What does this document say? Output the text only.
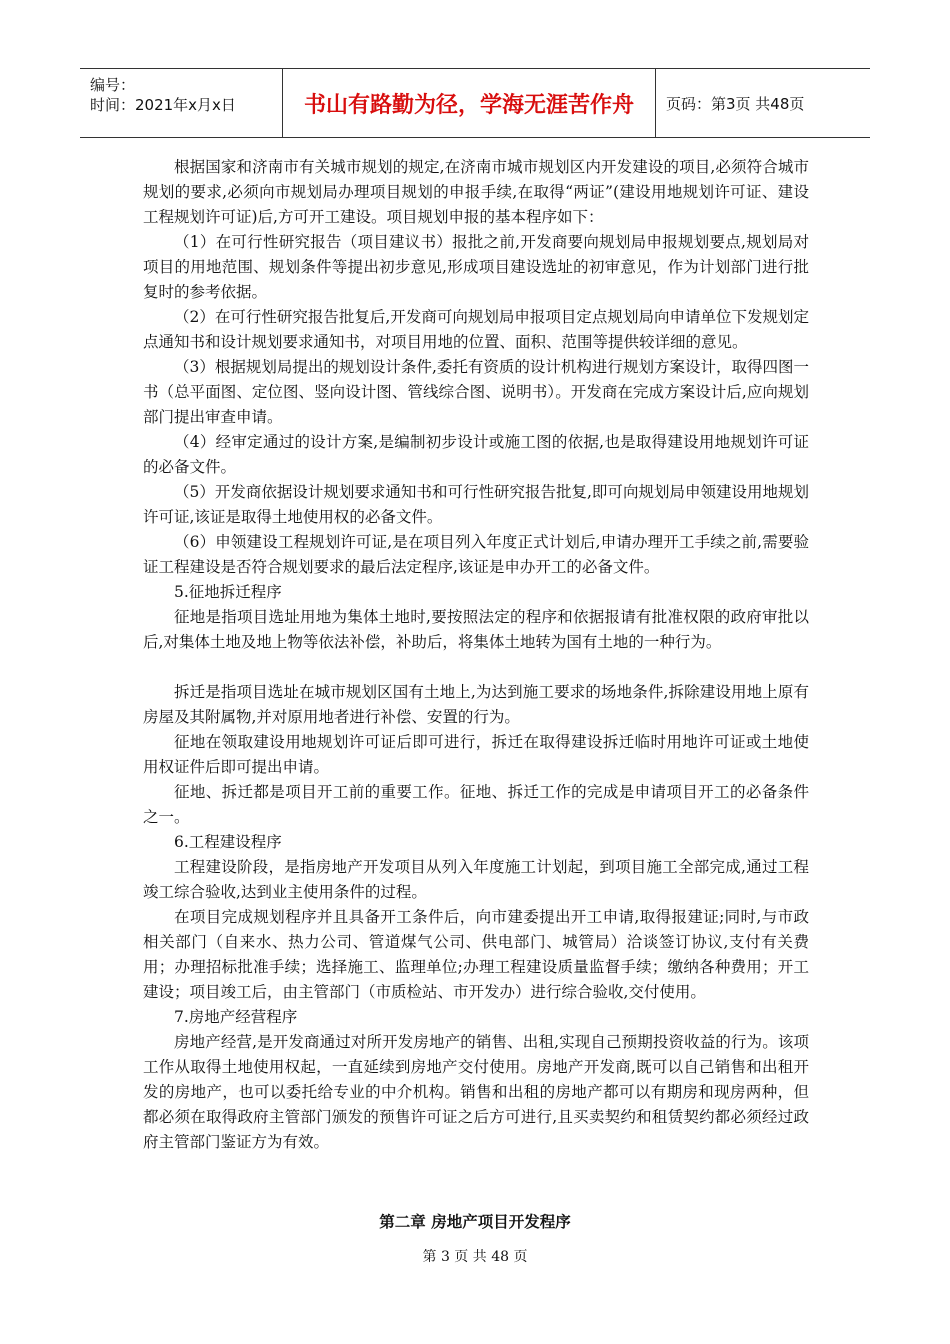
编号：
时间：2021年x月x日	书山有路勤为径，学海无涯苦作舟	页码：第3页 共48页

根据国家和济南市有关城市规划的规定,在济南市城市规划区内开发建设的项目,必须符合城市规划的要求,必须向市规划局办理项目规划的申报手续,在取得“两证”(建设用地规划许可证、建设工程规划许可证)后,方可开工建设。项目规划申报的基本程序如下：

（1）在可行性研究报告（项目建议书）报批之前,开发商要向规划局申报规划要点,规划局对项目的用地范围、规划条件等提出初步意见,形成项目建设选址的初审意见，作为计划部门进行批复时的参考依据。

（2）在可行性研究报告批复后,开发商可向规划局申报项目定点规划局向申请单位下发规划定点通知书和设计规划要求通知书，对项目用地的位置、面积、范围等提供较详细的意见。

（3）根据规划局提出的规划设计条件,委托有资质的设计机构进行规划方案设计，取得四图一书（总平面图、定位图、竖向设计图、管线综合图、说明书）。开发商在完成方案设计后,应向规划部门提出审查申请。

（4）经审定通过的设计方案,是编制初步设计或施工图的依据,也是取得建设用地规划许可证的必备文件。

（5）开发商依据设计规划要求通知书和可行性研究报告批复,即可向规划局申领建设用地规划许可证,该证是取得土地使用权的必备文件。

（6）申领建设工程规划许可证,是在项目列入年度正式计划后,申请办理开工手续之前,需要验证工程建设是否符合规划要求的最后法定程序,该证是申办开工的必备文件。

5.征地拆迁程序

征地是指项目选址用地为集体土地时,要按照法定的程序和依据报请有批准权限的政府审批以后,对集体土地及地上物等依法补偿，补助后，将集体土地转为国有土地的一种行为。

拆迁是指项目选址在城市规划区国有土地上,为达到施工要求的场地条件,拆除建设用地上原有房屋及其附属物,并对原用地者进行补偿、安置的行为。

征地在领取建设用地规划许可证后即可进行，拆迁在取得建设拆迁临时用地许可证或土地使用权证件后即可提出申请。

征地、拆迁都是项目开工前的重要工作。征地、拆迁工作的完成是申请项目开工的必备条件之一。

6.工程建设程序

工程建设阶段，是指房地产开发项目从列入年度施工计划起，到项目施工全部完成,通过工程竣工综合验收,达到业主使用条件的过程。

在项目完成规划程序并且具备开工条件后，向市建委提出开工申请,取得报建证;同时,与市政相关部门（自来水、热力公司、管道煤气公司、供电部门、城管局）洽谈签订协议,支付有关费用；办理招标批准手续；选择施工、监理单位;办理工程建设质量监督手续；缴纳各种费用；开工建设；项目竣工后，由主管部门（市质检站、市开发办）进行综合验收,交付使用。

7.房地产经营程序

房地产经营,是开发商通过对所开发房地产的销售、出租,实现自己预期投资收益的行为。该项工作从取得土地使用权起，一直延续到房地产交付使用。房地产开发商,既可以自己销售和出租开发的房地产，也可以委托给专业的中介机构。销售和出租的房地产都可以有期房和现房两种，但都必须在取得政府主管部门颁发的预售许可证之后方可进行,且买卖契约和租赁契约都必须经过政府主管部门鉴证方为有效。

第二章 房地产项目开发程序
第 3 页 共 48 页
